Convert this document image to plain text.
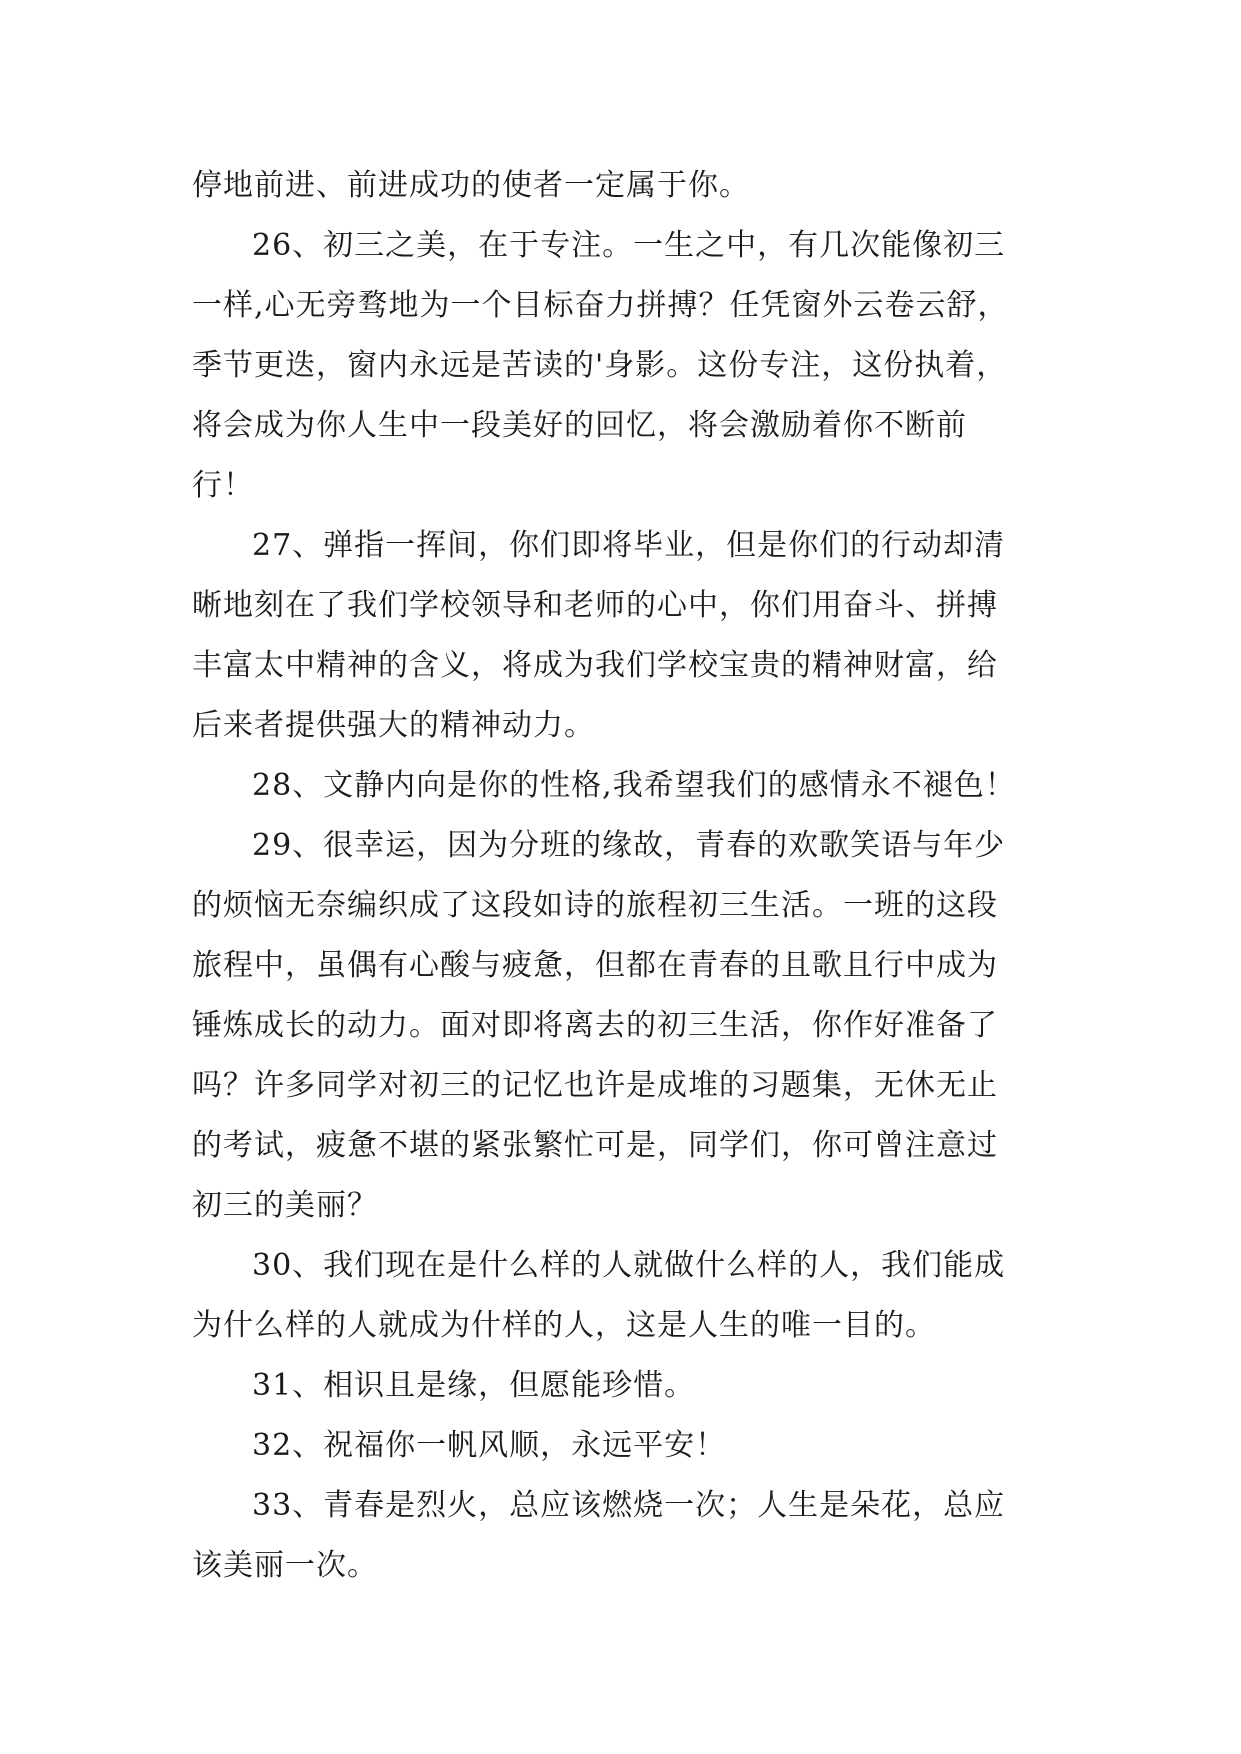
停地前进、前进成功的使者一定属于你。

26、初三之美，在于专注。一生之中，有几次能像初三
一样,心无旁骛地为一个目标奋力拼搏？任凭窗外云卷云舒，
季节更迭，窗内永远是苦读的'身影。这份专注，这份执着，
将会成为你人生中一段美好的回忆，将会激励着你不断前
行！

27、弹指一挥间，你们即将毕业，但是你们的行动却清
晰地刻在了我们学校领导和老师的心中，你们用奋斗、拼搏
丰富太中精神的含义，将成为我们学校宝贵的精神财富，给
后来者提供强大的精神动力。

28、文静内向是你的性格,我希望我们的感情永不褪色！

29、很幸运，因为分班的缘故，青春的欢歌笑语与年少
的烦恼无奈编织成了这段如诗的旅程初三生活。一班的这段
旅程中，虽偶有心酸与疲惫，但都在青春的且歌且行中成为
锤炼成长的动力。面对即将离去的初三生活，你作好准备了
吗？许多同学对初三的记忆也许是成堆的习题集，无休无止
的考试，疲惫不堪的紧张繁忙可是，同学们，你可曾注意过
初三的美丽？

30、我们现在是什么样的人就做什么样的人，我们能成
为什么样的人就成为什样的人，这是人生的唯一目的。

31、相识且是缘，但愿能珍惜。

32、祝福你一帆风顺，永远平安！

33、青春是烈火，总应该燃烧一次；人生是朵花，总应
该美丽一次。
